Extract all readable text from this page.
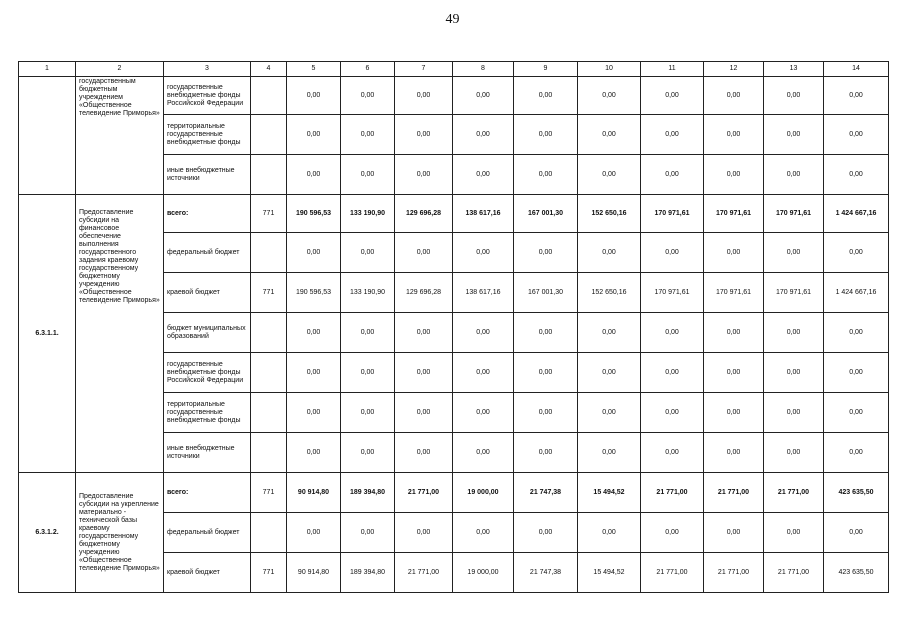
49
1	2	3	4	5	6	7	8	9	10	11	12	13	14
	государственным бюджетным учреждением «Общественное телевидение Приморья»	государственные внебюджетные фонды Российской Федерации		0,00	0,00	0,00	0,00	0,00	0,00	0,00	0,00	0,00	0,00
		территориальные государственные внебюджетные фонды		0,00	0,00	0,00	0,00	0,00	0,00	0,00	0,00	0,00	0,00
		иные внебюджетные источники		0,00	0,00	0,00	0,00	0,00	0,00	0,00	0,00	0,00	0,00
6.3.1.1.	Предоставление субсидии на финансовое обеспечение выполнения государственного задания краевому государственному бюджетному учреждению «Общественное телевидение Приморья»	всего:	771	190 596,53	133 190,90	129 696,28	138 617,16	167 001,30	152 650,16	170 971,61	170 971,61	170 971,61	1 424 667,16
		федеральный бюджет		0,00	0,00	0,00	0,00	0,00	0,00	0,00	0,00	0,00	0,00
		краевой бюджет	771	190 596,53	133 190,90	129 696,28	138 617,16	167 001,30	152 650,16	170 971,61	170 971,61	170 971,61	1 424 667,16
		бюджет муниципальных образований		0,00	0,00	0,00	0,00	0,00	0,00	0,00	0,00	0,00	0,00
		государственные внебюджетные фонды Российской Федерации		0,00	0,00	0,00	0,00	0,00	0,00	0,00	0,00	0,00	0,00
		территориальные государственные внебюджетные фонды		0,00	0,00	0,00	0,00	0,00	0,00	0,00	0,00	0,00	0,00
		иные внебюджетные источники		0,00	0,00	0,00	0,00	0,00	0,00	0,00	0,00	0,00	0,00
6.3.1.2.	Предоставление субсидии на укрепление материально - технической базы краевому государственному бюджетному учреждению «Общественное телевидение Приморья»	всего:	771	90 914,80	189 394,80	21 771,00	19 000,00	21 747,38	15 494,52	21 771,00	21 771,00	21 771,00	423 635,50
		федеральный бюджет		0,00	0,00	0,00	0,00	0,00	0,00	0,00	0,00	0,00	0,00
		краевой бюджет	771	90 914,80	189 394,80	21 771,00	19 000,00	21 747,38	15 494,52	21 771,00	21 771,00	21 771,00	423 635,50
